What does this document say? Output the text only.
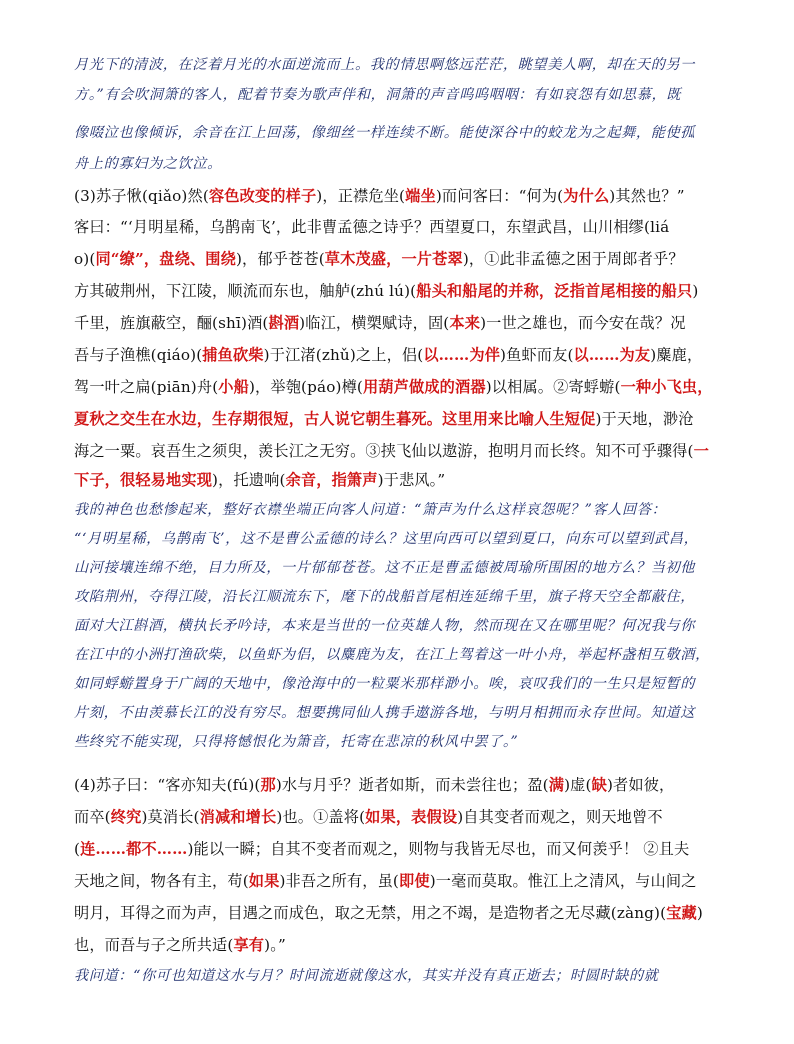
月光下的清波，在泛着月光的水面逆流而上。我的情思啊悠远茫茫，眺望美人啊，却在天的另一
方。”有会吹洞箫的客人，配着节奏为歌声伴和，洞箫的声音呜呜咽咽：有如哀怨有如思慕，既
像啜泣也像倾诉，余音在江上回荡，像细丝一样连续不断。能使深谷中的蛟龙为之起舞，能使孤
舟上的寡妇为之饮泣。
(3)苏子愀(qiǎo)然(容色改变的样子)，正襟危坐(端坐)而问客曰：“何为(为什么)其然也？”
客曰：“‘月明星稀，乌鹊南飞’，此非曹孟德之诗乎？西望夏口，东望武昌，山川相缪(liá
o)(同“缭”，盘绕、围绕)，郁乎苍苍(草木茂盛，一片苍翠)，①此非孟德之困于周郎者乎？
方其破荆州，下江陵，顺流而东也，舳舻(zhú lú)(船头和船尾的并称，泛指首尾相接的船只)
千里，旌旗蔽空，酾(shī)酒(斟酒)临江，横槊赋诗，固(本来)一世之雄也，而今安在哉？况
吾与子渔樵(qiáo)(捕鱼砍柴)于江渚(zhǔ)之上，侣(以……为伴)鱼虾而友(以……为友)麋鹿，
驾一叶之扁(piān)舟(小船)，举匏(páo)樽(用葫芦做成的酒器)以相属。②寄蜉蝣(一种小飞虫，
夏秋之交生在水边，生存期很短，古人说它朝生暮死。这里用来比喻人生短促)于天地，渺沧
海之一粟。哀吾生之须臾，羡长江之无穷。③挟飞仙以遨游，抱明月而长终。知不可乎骤得(一
下子，很轻易地实现)，托遗响(余音，指箫声)于悲风。”
我的神色也愁惨起来，整好衣襟坐端正向客人问道：“箫声为什么这样哀怨呢？”客人回答：
“‘月明星稀，乌鹊南飞’，这不是曹公孟德的诗么？这里向西可以望到夏口，向东可以望到武昌，
山河接壤连绵不绝，目力所及，一片郁郁苍苍。这不正是曹孟德被周瑜所围困的地方么？当初他
攻陷荆州，夺得江陵，沿长江顺流东下，麾下的战船首尾相连延绵千里，旗子将天空全都蔽住，
面对大江斟酒，横执长矛吟诗，本来是当世的一位英雄人物，然而现在又在哪里呢？何况我与你
在江中的小洲打渔砍柴，以鱼虾为侣，以麋鹿为友，在江上驾着这一叶小舟，举起杯盏相互敬酒，
如同蜉蝣置身于广阔的天地中，像沧海中的一粒粟米那样渺小。唉，哀叹我们的一生只是短暂的
片刻，不由羡慕长江的没有穷尽。想要携同仙人携手遨游各地，与明月相拥而永存世间。知道这
些终究不能实现，只得将憾恨化为箫音，托寄在悲凉的秋风中罢了。”
(4)苏子曰：“客亦知夫(fú)(那)水与月乎？逝者如斯，而未尝往也；盈(满)虚(缺)者如彼，
而卒(终究)莫消长(消减和增长)也。①盖将(如果，表假设)自其变者而观之，则天地曾不
(连……都不……)能以一瞬；自其不变者而观之，则物与我皆无尽也，而又何羡乎！ ②且夫
天地之间，物各有主，苟(如果)非吾之所有，虽(即使)一毫而莫取。惟江上之清风，与山间之
明月，耳得之而为声，目遇之而成色，取之无禁，用之不竭，是造物者之无尽藏(zàng)(宝藏)
也，而吾与子之所共适(享有)。”
我问道：“你可也知道这水与月？时间流逝就像这水，其实并没有真正逝去；时圆时缺的就
